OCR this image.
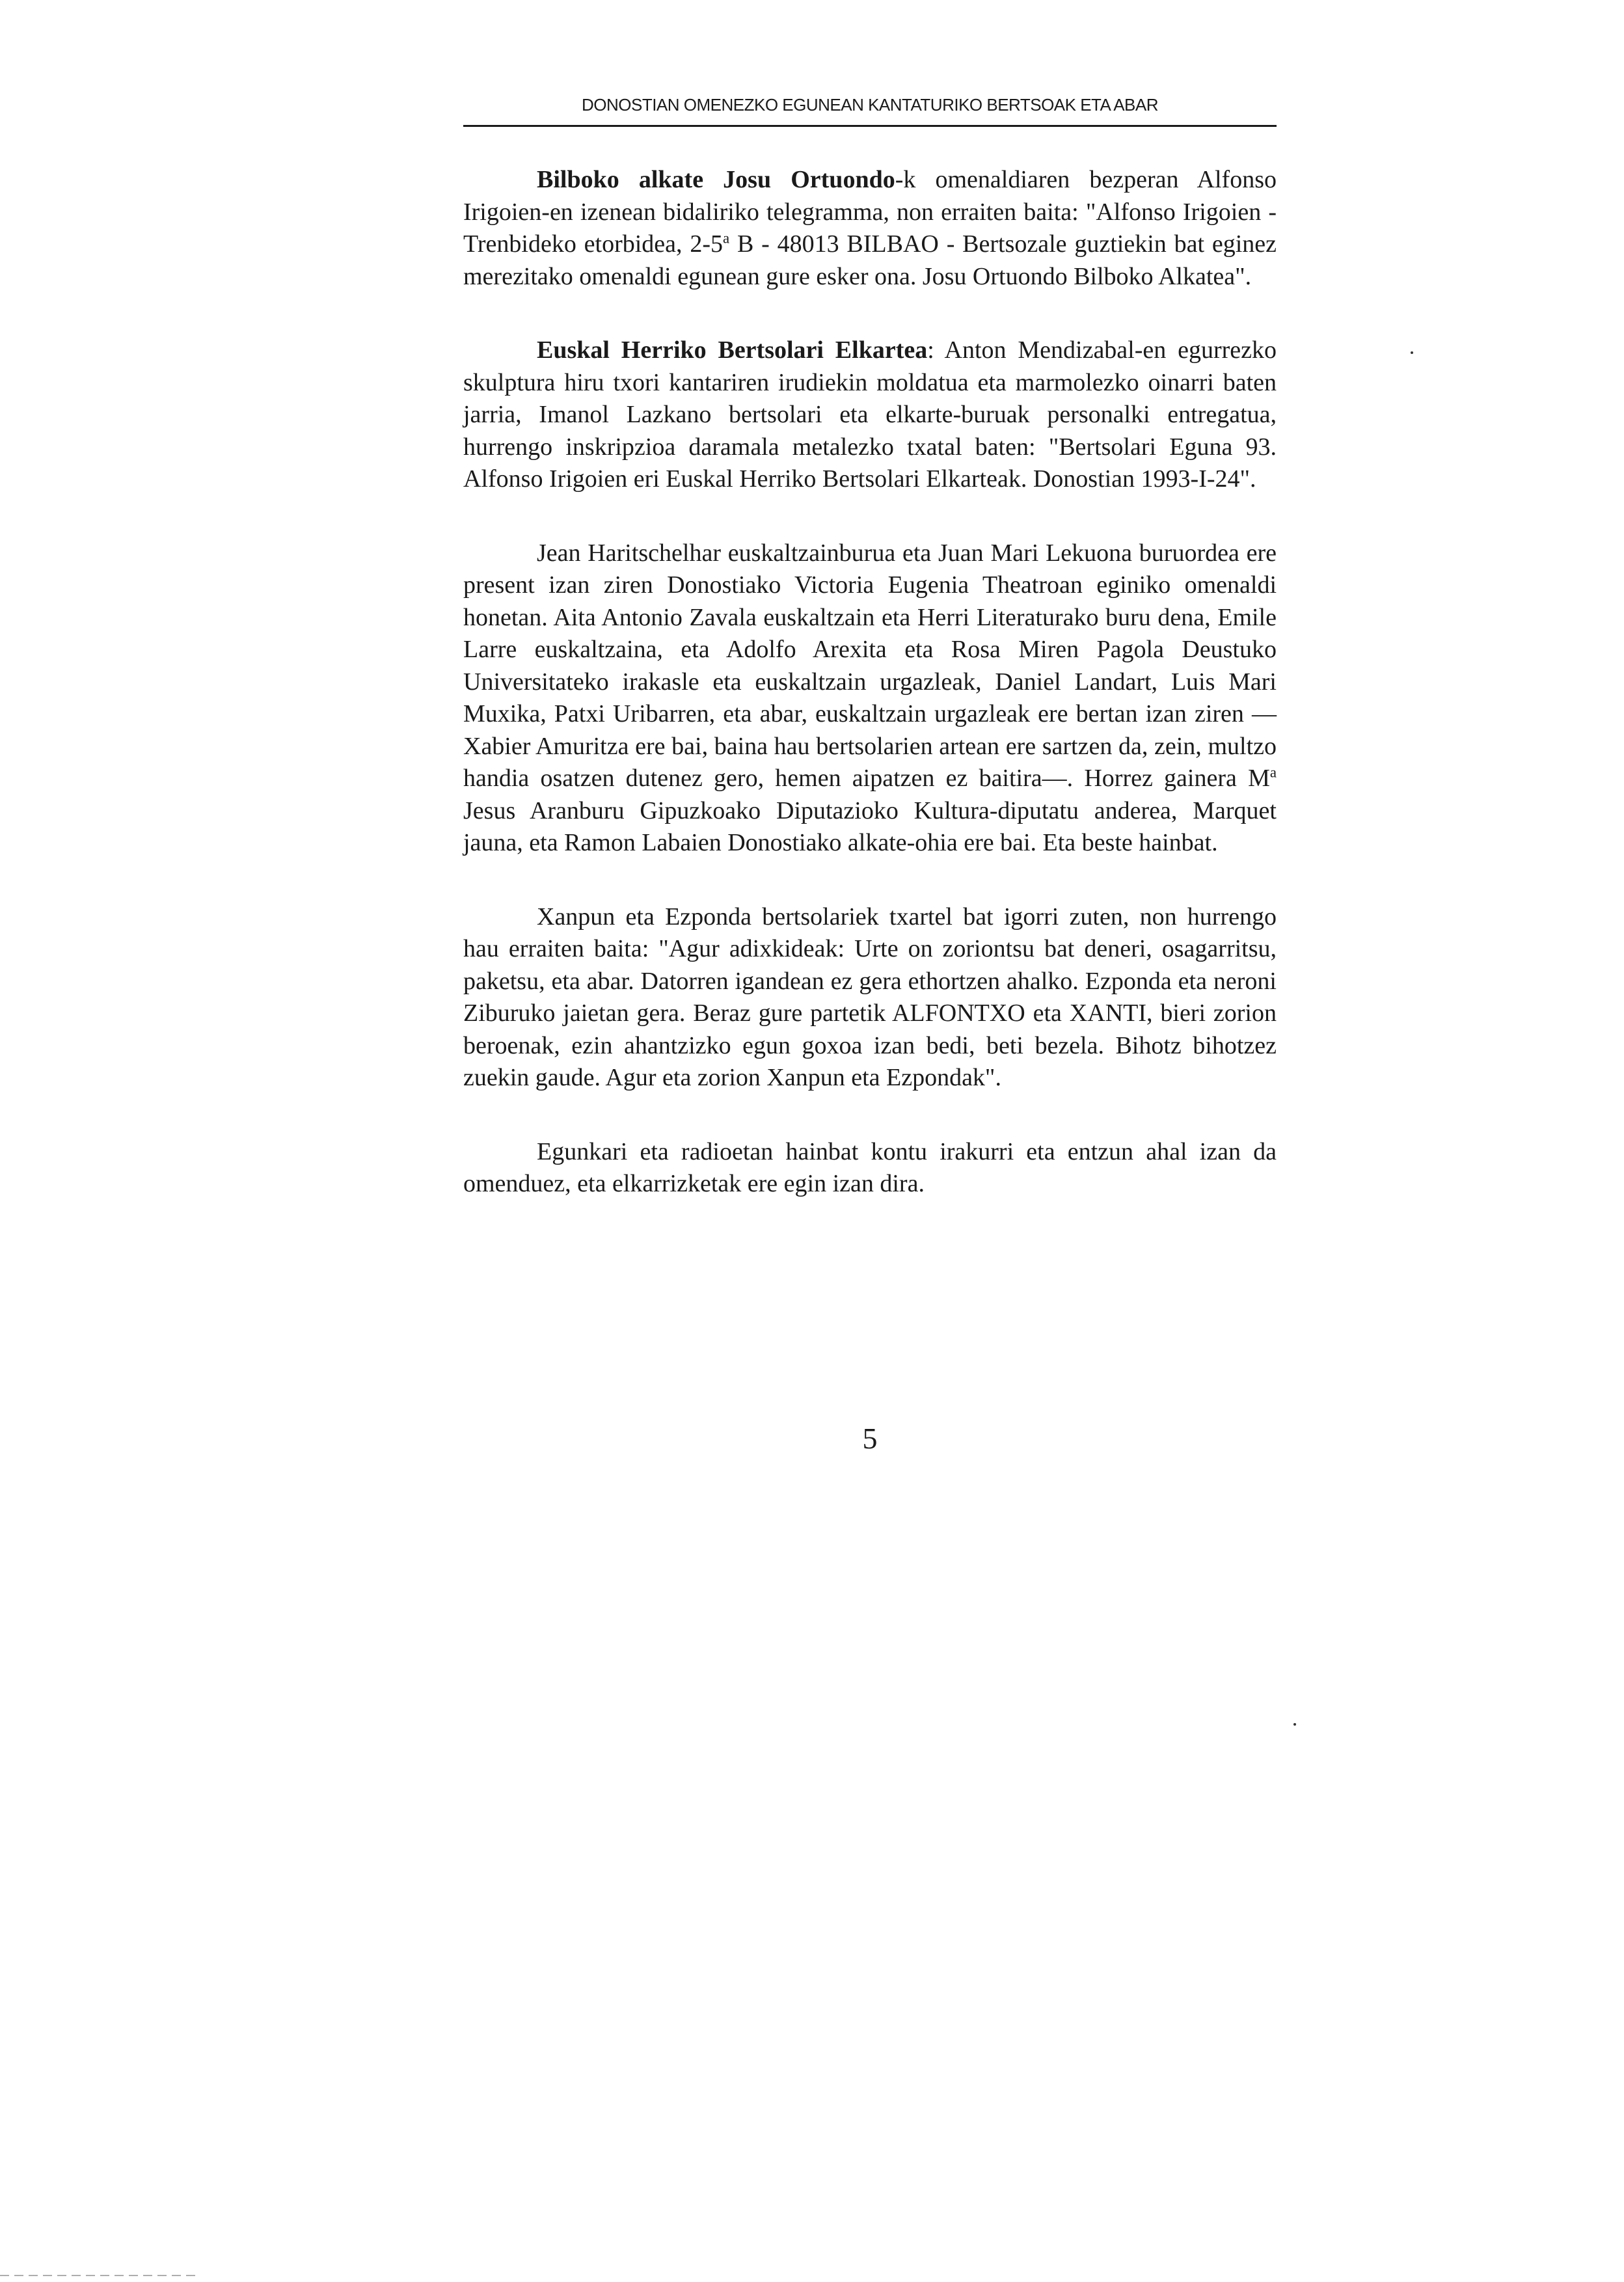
DONOSTIAN OMENEZKO EGUNEAN KANTATURIKO BERTSOAK ETA ABAR

Bilboko alkate Josu Ortuondo-k omenaldiaren bezperan Alfonso Irigoien-en izenean bidaliriko telegramma, non erraiten baita: "Alfonso Irigoien - Trenbideko etorbidea, 2-5$^a$ B - 48013 BILBAO - Bertsozale guztiekin bat eginez merezitako omenaldi egunean gure esker ona. Josu Ortuondo Bilboko Alkatea".

Euskal Herriko Bertsolari Elkartea: Anton Mendizabal-en egurrezko skulptura hiru txori kantariren irudiekin moldatua eta marmolezko oinarri baten jarria, Imanol Lazkano bertsolari eta elkarte-buruak personalki entregatua, hurrengo inskripzioa daramala metalezko txatal baten: "Bertsolari Eguna 93. Alfonso Irigoien eri Euskal Herriko Bertsolari Elkarteak. Donostian 1993-I-24".

Jean Haritschelhar euskaltzainburua eta Juan Mari Lekuona buruordea ere present izan ziren Donostiako Victoria Eugenia Theatroan eginiko omenaldi honetan. Aita Antonio Zavala euskaltzain eta Herri Literaturako buru dena, Emile Larre euskaltzaina, eta Adolfo Arexita eta Rosa Miren Pagola Deustuko Universitateko irakasle eta euskaltzain urgazleak, Daniel Landart, Luis Mari Muxika, Patxi Uribarren, eta abar, euskaltzain urgazleak ere bertan izan ziren —Xabier Amuritza ere bai, baina hau bertsolarien artean ere sartzen da, zein, multzo handia osatzen dutenez gero, hemen aipatzen ez baitira—. Horrez gainera $M^a$ Jesus Aranburu Gipuzkoako Diputazioko Kultura-diputatu anderea, Marquet jauna, eta Ramon Labaien Donostiako alkate-ohia ere bai. Eta beste hainbat.

Xanpun eta Ezponda bertsolariek txartel bat igorri zuten, non hurrengo hau erraiten baita: "Agur adixkideak: Urte on zoriontsu bat deneri, osagarritsu, paketsu, eta abar. Datorren igandean ez gera ethortzen ahalko. Ezponda eta neroni Ziburuko jaietan gera. Beraz gure partetik ALFONTXO eta XANTI, bieri zorion beroenak, ezin ahantzizko egun goxoa izan bedi, beti bezela. Bihotz bihotzez zuekin gaude. Agur eta zorion Xanpun eta Ezpondak".

Egunkari eta radioetan hainbat kontu irakurri eta entzun ahal izan da omenduez, eta elkarrizketak ere egin izan dira.

5
